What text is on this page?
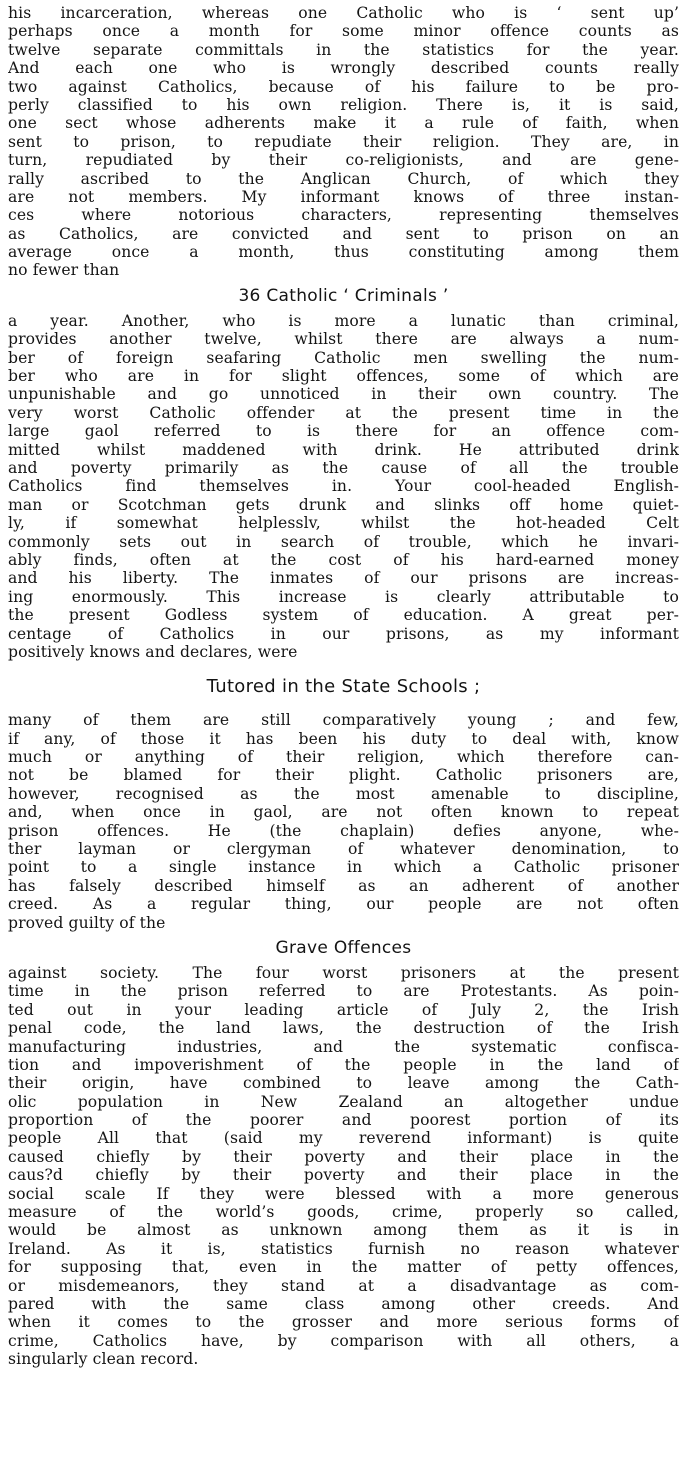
his incarceration, whereas one Catholic who is ‘ sent up’
perhaps once a month for some minor offence counts as
twelve separate committals in the statistics for the year.
And each one who is wrongly described counts really
two against Catholics, because of his failure to be pro-
perly classified to his own religion. There is, it is said,
one sect whose adherents make it a rule of faith, when
sent to prison, to repudiate their religion. They are, in
turn, repudiated by their co-religionists, and are gene-
rally ascribed to the Anglican Church, of which they
are not members. My informant knows of three instan-
ces where notorious characters, representing themselves
as Catholics, are convicted and sent to prison on an
average once a month, thus constituting among them
no fewer than
36 Catholic ‘ Criminals ’
a year. Another, who is more a lunatic than criminal,
provides another twelve, whilst there are always a num-
ber of foreign seafaring Catholic men swelling the num-
ber who are in for slight offences, some of which are
unpunishable and go unnoticed in their own country. The
very worst Catholic offender at the present time in the
large gaol referred to is there for an offence com-
mitted whilst maddened with drink. He attributed drink
and poverty primarily as the cause of all the trouble
Catholics find themselves in. Your cool-headed English-
man or Scotchman gets drunk and slinks off home quiet-
ly, if somewhat helplesslv, whilst the hot-headed Celt
commonly sets out in search of trouble, which he invari-
ably finds, often at the cost of his hard-earned money
and his liberty. The inmates of our prisons are increas-
ing enormously. This increase is clearly attributable to
the present Godless system of education. A great per-
centage of Catholics in our prisons, as my informant
positively knows and declares, were
Tutored in the State Schools ;
many of them are still comparatively young ; and few,
if any, of those it has been his duty to deal with, know
much or anything of their religion, which therefore can-
not be blamed for their plight. Catholic prisoners are,
however, recognised as the most amenable to discipline,
and, when once in gaol, are not often known to repeat
prison offences. He (the chaplain) defies anyone, whe-
ther layman or clergyman of whatever denomination, to
point to a single instance in which a Catholic prisoner
has falsely described himself as an adherent of another
creed. As a regular thing, our people are not often
proved guilty of the
Grave Offences
against society. The four worst prisoners at the present
time in the prison referred to are Protestants. As poin-
ted out in your leading article of July 2, the Irish
penal code, the land laws, the destruction of the Irish
manufacturing industries, and the systematic confisca-
tion and impoverishment of the people in the land of
their origin, have combined to leave among the Cath-
olic population in New Zealand an altogether undue
proportion of the poorer and poorest portion of its
people All that (said my reverend informant) is quite
caused chiefly by their poverty and their place in the
caus?d chiefly by their poverty and their place in the
social scale If they were blessed with a more generous
measure of the world’s goods, crime, properly so called,
would be almost as unknown among them as it is in
Ireland. As it is, statistics furnish no reason whatever
for supposing that, even in the matter of petty offences,
or misdemeanors, they stand at a disadvantage as com-
pared with the same class among other creeds. And
when it comes to the grosser and more serious forms of
crime, Catholics have, by comparison with all others, a
singularly clean record.
